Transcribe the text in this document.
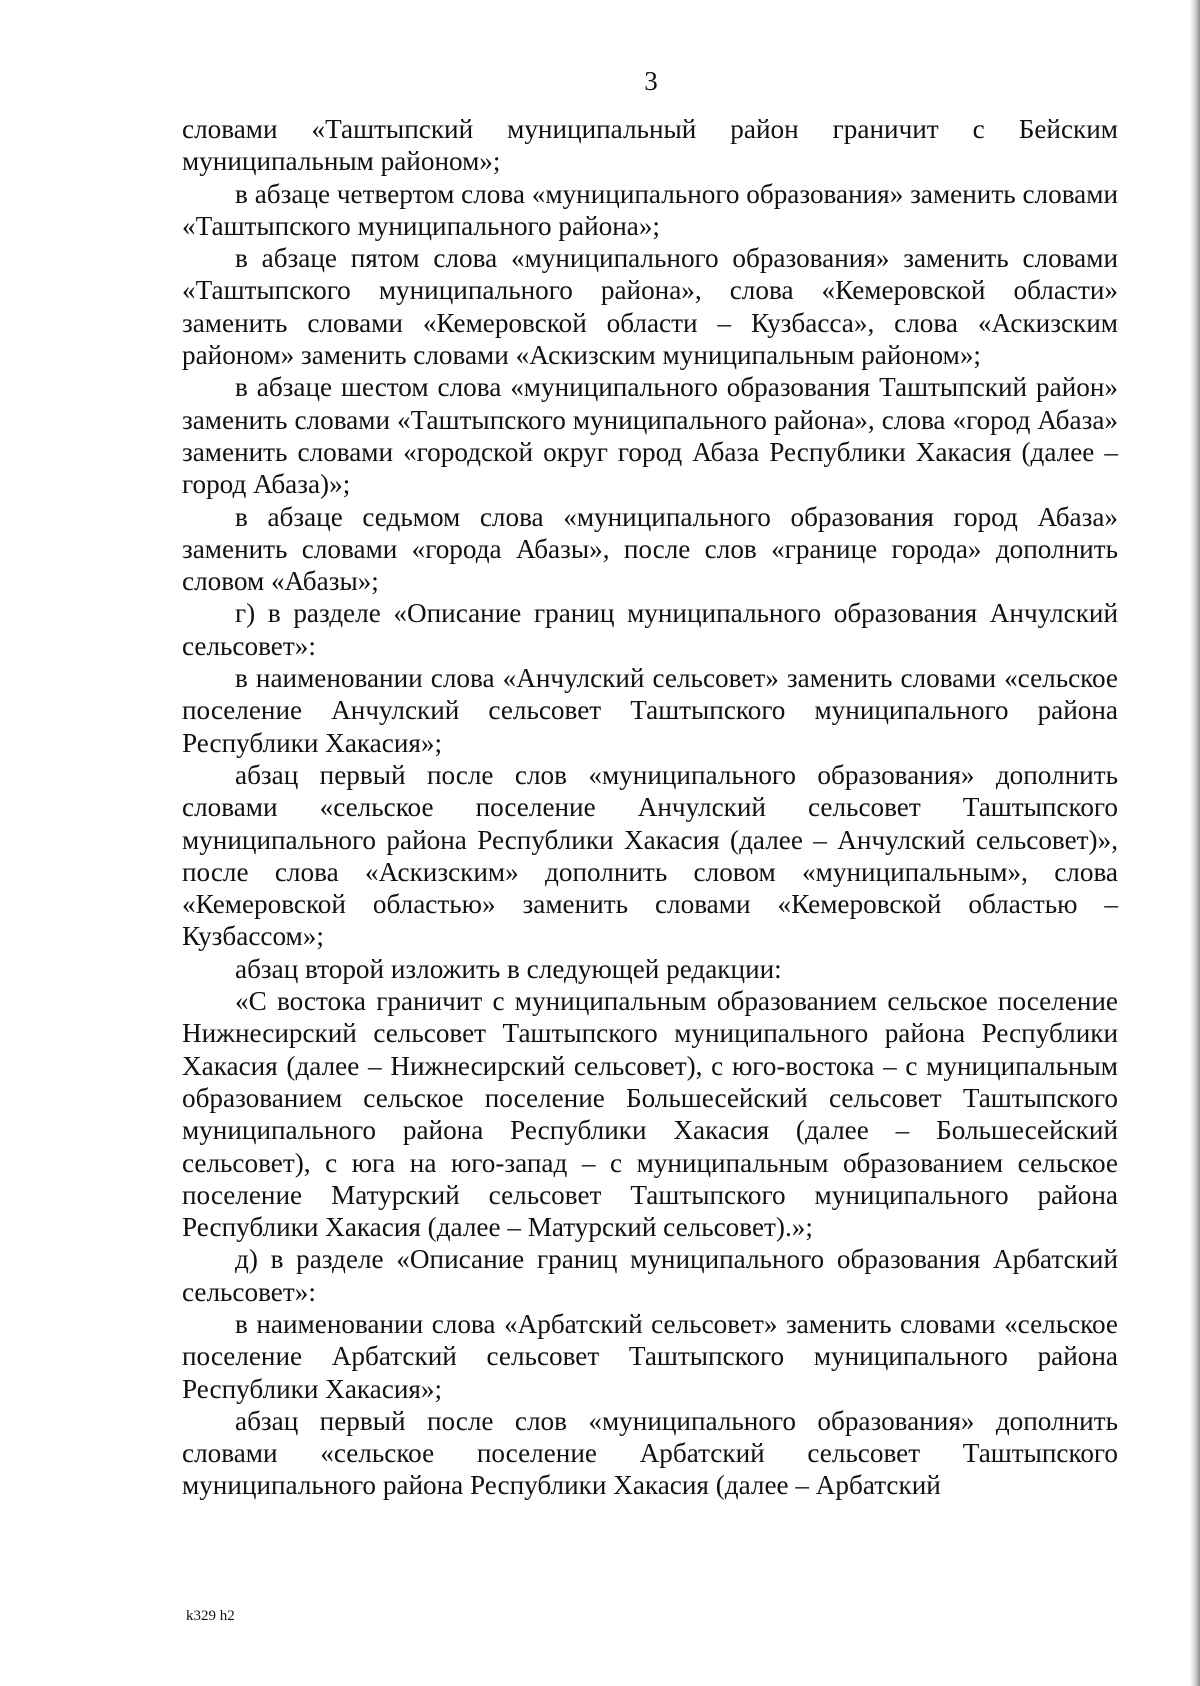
3

словами «Таштыпский муниципальный район граничит с Бейским муниципальным районом»;

в абзаце четвертом слова «муниципального образования» заменить словами «Таштыпского муниципального района»;

в абзаце пятом слова «муниципального образования» заменить словами «Таштыпского муниципального района», слова «Кемеровской области» заменить словами «Кемеровской области – Кузбасса», слова «Аскизским районом» заменить словами «Аскизским муниципальным районом»;

в абзаце шестом слова «муниципального образования Таштыпский район» заменить словами «Таштыпского муниципального района», слова «город Абаза» заменить словами «городской округ город Абаза Республики Хакасия (далее – город Абаза)»;

в абзаце седьмом слова «муниципального образования город Абаза» заменить словами «города Абазы», после слов «границе города» дополнить словом «Абазы»;

г) в разделе «Описание границ муниципального образования Анчулский сельсовет»:

в наименовании слова «Анчулский сельсовет» заменить словами «сельское поселение Анчулский сельсовет Таштыпского муниципального района Республики Хакасия»;

абзац первый после слов «муниципального образования» дополнить словами «сельское поселение Анчулский сельсовет Таштыпского муниципального района Республики Хакасия (далее – Анчулский сельсовет)», после слова «Аскизским» дополнить словом «муниципальным», слова «Кемеровской областью» заменить словами «Кемеровской областью – Кузбассом»;

абзац второй изложить в следующей редакции:

«С востока граничит с муниципальным образованием сельское поселение Нижнесирский сельсовет Таштыпского муниципального района Республики Хакасия (далее – Нижнесирский сельсовет), с юго-востока – с муниципальным образованием сельское поселение Большесейский сельсовет Таштыпского муниципального района Республики Хакасия (далее – Большесейский сельсовет), с юга на юго-запад – с муниципальным образованием сельское поселение Матурский сельсовет Таштыпского муниципального района Республики Хакасия (далее – Матурский сельсовет).»;

д) в разделе «Описание границ муниципального образования Арбатский сельсовет»:

в наименовании слова «Арбатский сельсовет» заменить словами «сельское поселение Арбатский сельсовет Таштыпского муниципального района Республики Хакасия»;

абзац первый после слов «муниципального образования» дополнить словами «сельское поселение Арбатский сельсовет Таштыпского муниципального района Республики Хакасия (далее – Арбатский

k329 h2
